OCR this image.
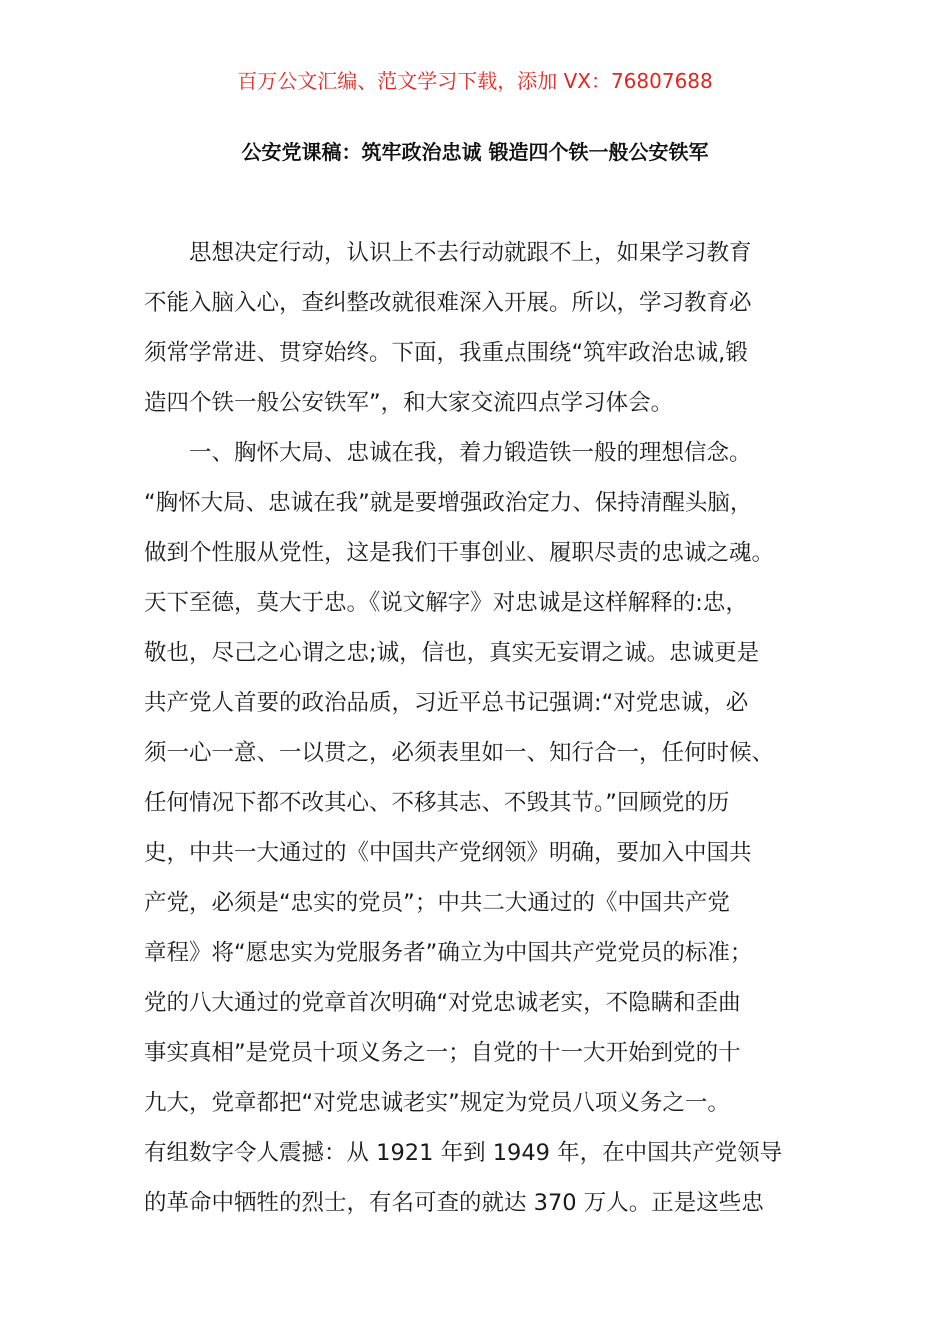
百万公文汇编、范文学习下载，添加 VX：76807688
公安党课稿：筑牢政治忠诚 锻造四个铁一般公安铁军
　　思想决定行动，认识上不去行动就跟不上，如果学习教育
不能入脑入心，查纠整改就很难深入开展。所以，学习教育必
须常学常进、贯穿始终。下面，我重点围绕“筑牢政治忠诚,锻
造四个铁一般公安铁军”，和大家交流四点学习体会。
　　一、胸怀大局、忠诚在我，着力锻造铁一般的理想信念。
“胸怀大局、忠诚在我”就是要增强政治定力、保持清醒头脑，
做到个性服从党性，这是我们干事创业、履职尽责的忠诚之魂。
天下至德，莫大于忠。《说文解字》对忠诚是这样解释的:忠，
敬也，尽己之心谓之忠;诚，信也，真实无妄谓之诚。忠诚更是
共产党人首要的政治品质，习近平总书记强调:“对党忠诚，必
须一心一意、一以贯之，必须表里如一、知行合一，任何时候、
任何情况下都不改其心、不移其志、不毁其节。”回顾党的历
史，中共一大通过的《中国共产党纲领》明确，要加入中国共
产党，必须是“忠实的党员”；中共二大通过的《中国共产党
章程》将“愿忠实为党服务者”确立为中国共产党党员的标准；
党的八大通过的党章首次明确“对党忠诚老实，不隐瞒和歪曲
事实真相”是党员十项义务之一；自党的十一大开始到党的十
九大，党章都把“对党忠诚老实”规定为党员八项义务之一。
有组数字令人震撼：从 1921 年到 1949 年，在中国共产党领导
的革命中牺牲的烈士，有名可查的就达 370 万人。正是这些忠
